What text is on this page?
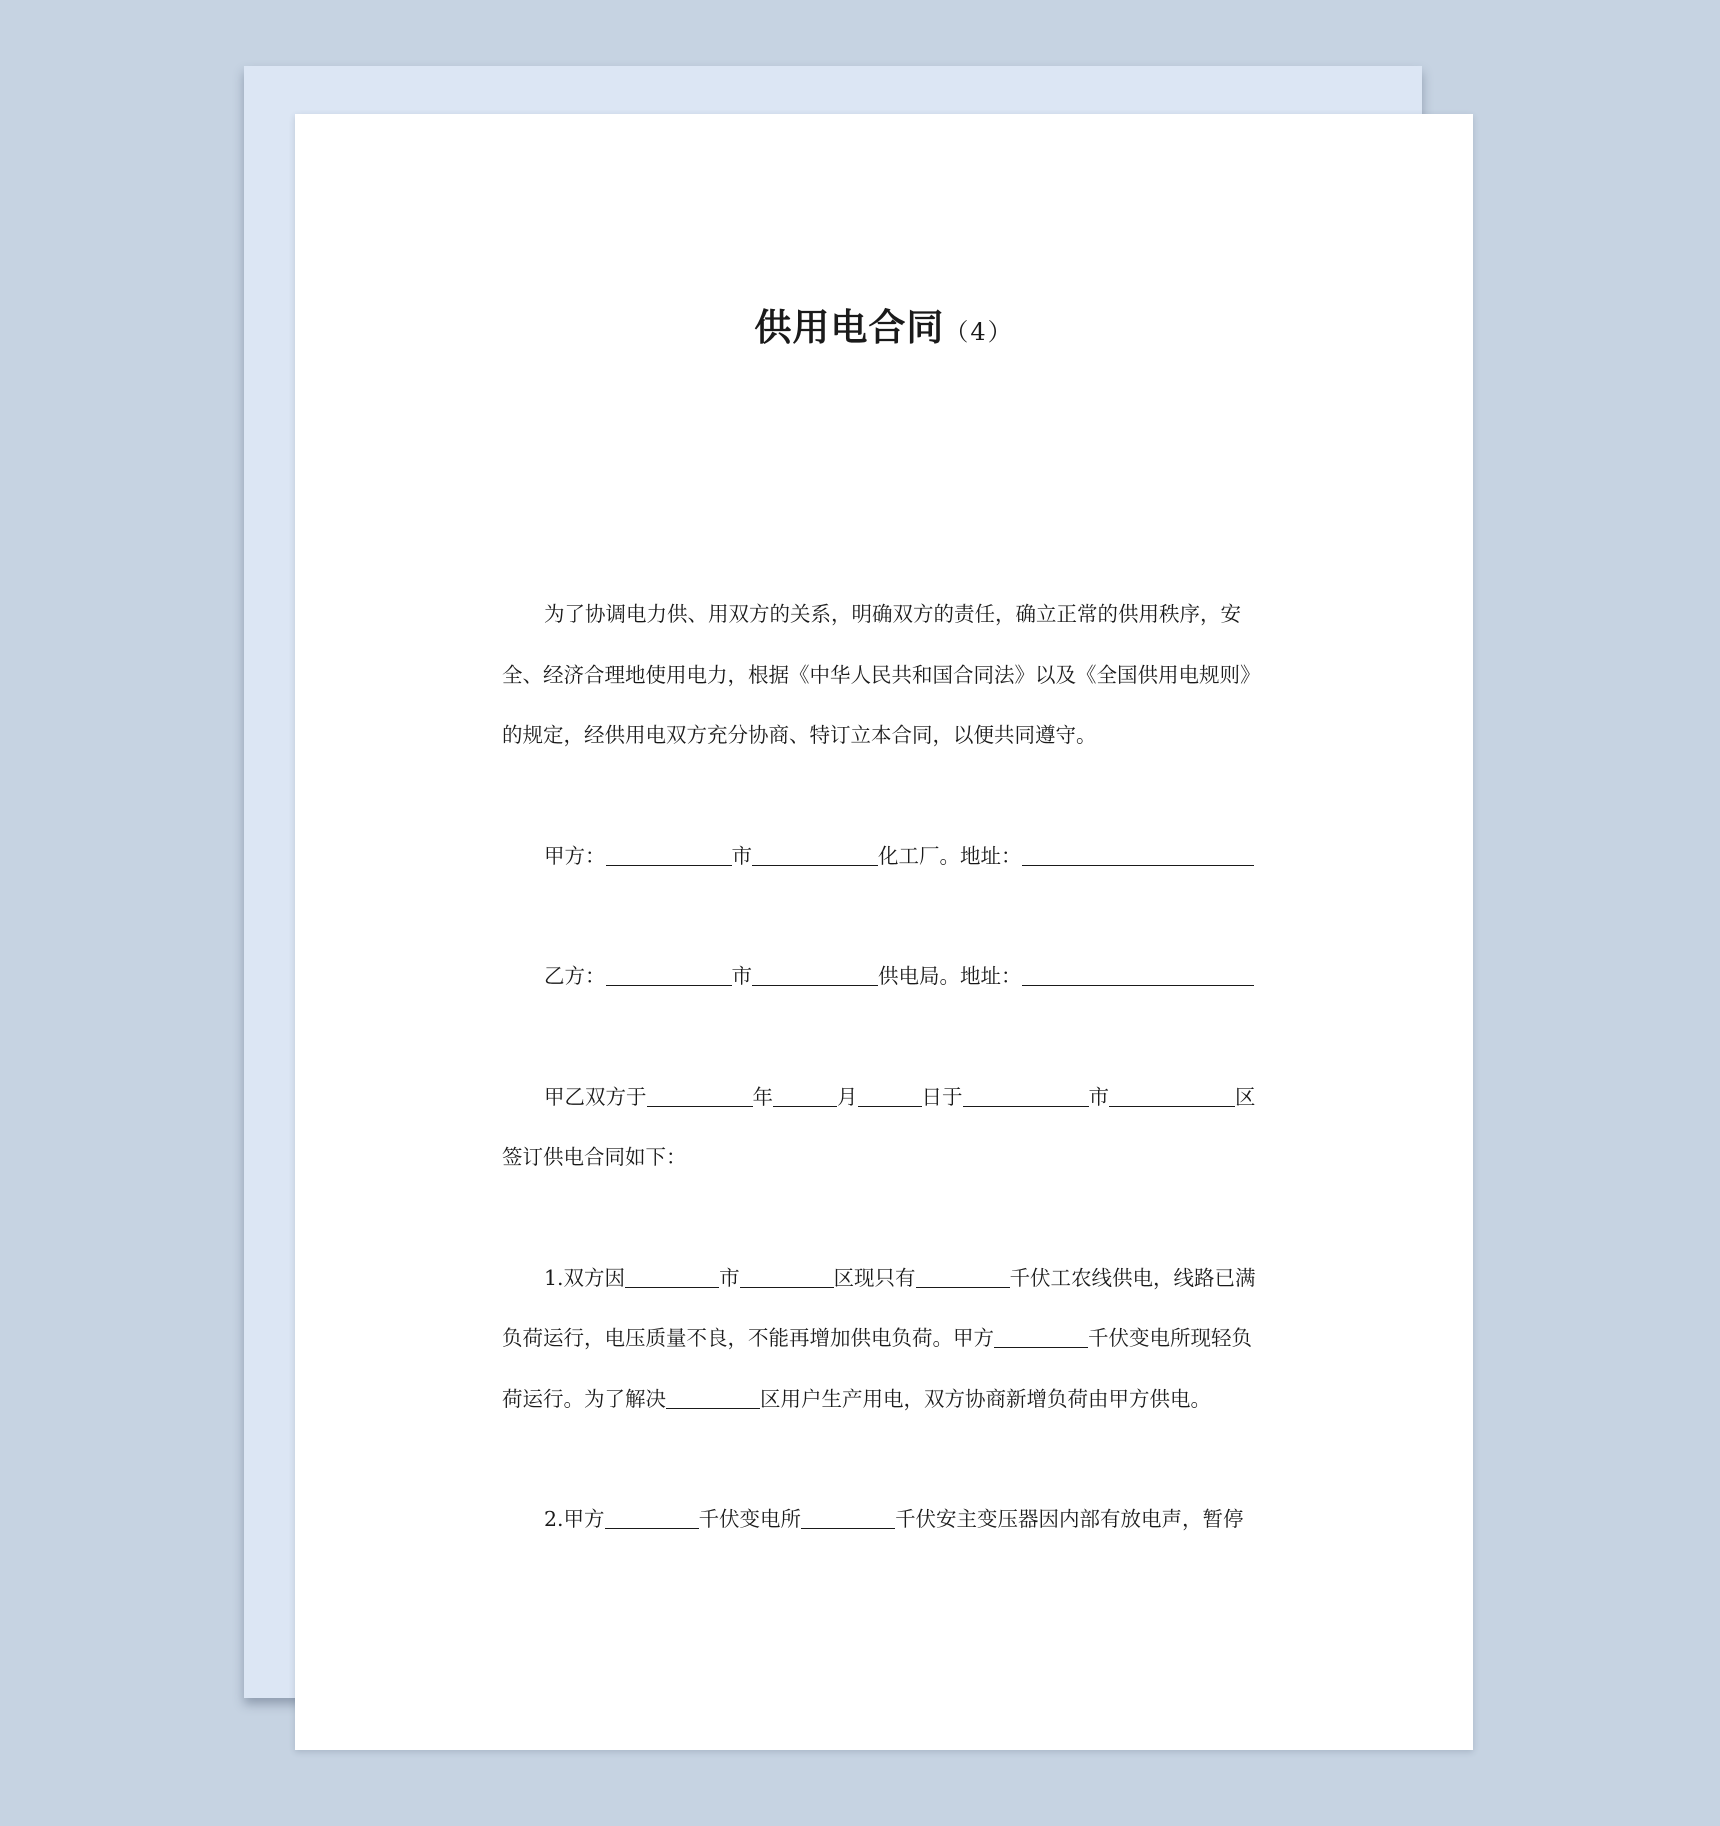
供用电合同（4）

为了协调电力供、用双方的关系，明确双方的责任，确立正常的供用秩序，安

全、经济合理地使用电力，根据《中华人民共和国合同法》以及《全国供用电规则》

的规定，经供用电双方充分协商、特订立本合同，以便共同遵守。

甲方：	市	化工厂。地址：

乙方：	市	供电局。地址：

甲乙双方于	年	月	日于	市	区

签订供电合同如下：

1.双方因	市	区现只有	千伏工农线供电，线路已满

负荷运行，电压质量不良，不能再增加供电负荷。甲方	千伏变电所现轻负

荷运行。为了解决	区用户生产用电，双方协商新增负荷由甲方供电。

2.甲方	千伏变电所	千伏安主变压器因内部有放电声，暂停
